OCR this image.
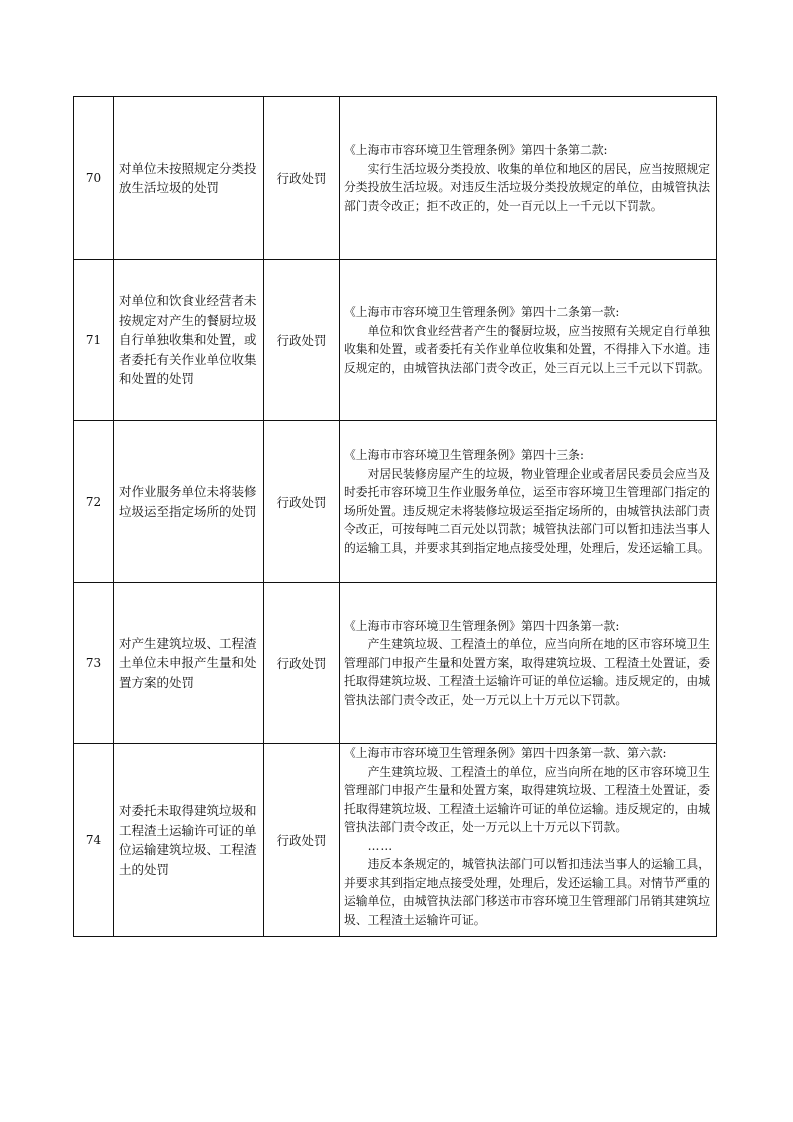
70	对单位未按照规定分类投放生活垃圾的处罚	行政处罚	《上海市市容环境卫生管理条例》第四十条第二款:

实行生活垃圾分类投放、收集的单位和地区的居民，应当按照规定分类投放生活垃圾。对违反生活垃圾分类投放规定的单位，由城管执法部门责令改正；拒不改正的，处一百元以上一千元以下罚款。

71	对单位和饮食业经营者未按规定对产生的餐厨垃圾自行单独收集和处置，或者委托有关作业单位收集和处置的处罚	行政处罚	《上海市市容环境卫生管理条例》第四十二条第一款:

单位和饮食业经营者产生的餐厨垃圾，应当按照有关规定自行单独收集和处置，或者委托有关作业单位收集和处置，不得排入下水道。违反规定的，由城管执法部门责令改正，处三百元以上三千元以下罚款。

72	对作业服务单位未将装修垃圾运至指定场所的处罚	行政处罚	《上海市市容环境卫生管理条例》第四十三条:

对居民装修房屋产生的垃圾，物业管理企业或者居民委员会应当及时委托市容环境卫生作业服务单位，运至市容环境卫生管理部门指定的场所处置。违反规定未将装修垃圾运至指定场所的，由城管执法部门责令改正，可按每吨二百元处以罚款；城管执法部门可以暂扣违法当事人的运输工具，并要求其到指定地点接受处理，处理后，发还运输工具。

73	对产生建筑垃圾、工程渣土单位未申报产生量和处置方案的处罚	行政处罚	《上海市市容环境卫生管理条例》第四十四条第一款:

产生建筑垃圾、工程渣土的单位，应当向所在地的区市容环境卫生管理部门申报产生量和处置方案，取得建筑垃圾、工程渣土处置证，委托取得建筑垃圾、工程渣土运输许可证的单位运输。违反规定的，由城管执法部门责令改正，处一万元以上十万元以下罚款。

74	对委托未取得建筑垃圾和工程渣土运输许可证的单位运输建筑垃圾、工程渣土的处罚	行政处罚	《上海市市容环境卫生管理条例》第四十四条第一款、第六款:

产生建筑垃圾、工程渣土的单位，应当向所在地的区市容环境卫生管理部门申报产生量和处置方案，取得建筑垃圾、工程渣土处置证，委托取得建筑垃圾、工程渣土运输许可证的单位运输。违反规定的，由城管执法部门责令改正，处一万元以上十万元以下罚款。

……

违反本条规定的，城管执法部门可以暂扣违法当事人的运输工具，并要求其到指定地点接受处理，处理后，发还运输工具。对情节严重的运输单位，由城管执法部门移送市市容环境卫生管理部门吊销其建筑垃圾、工程渣土运输许可证。
